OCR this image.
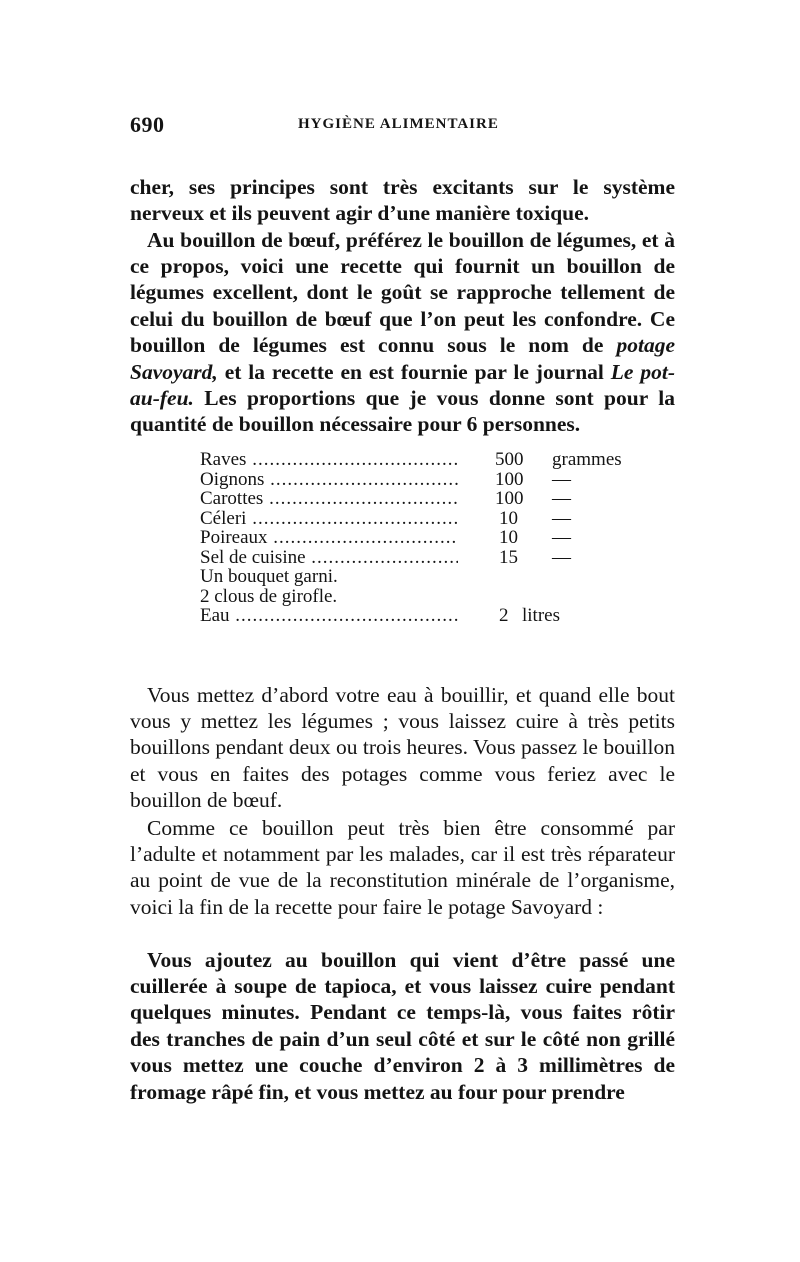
690	HYGIÈNE ALIMENTAIRE

cher, ses principes sont très excitants sur le système nerveux et ils peuvent agir d’une manière toxique.

Au bouillon de bœuf, préférez le bouillon de légumes, et à ce propos, voici une recette qui fournit un bouillon de légumes excellent, dont le goût se rapproche tellement de celui du bouillon de bœuf que l’on peut les confondre. Ce bouillon de légumes est connu sous le nom de potage Savoyard, et la recette en est fournie par le journal Le pot-au-feu. Les proportions que je vous donne sont pour la quantité de bouillon nécessaire pour 6 personnes.

Raves .....	500 grammes
Oignons .....	100 —
Carottes .....	100 —
Céleri .....	10 —
Poireaux .....	10 —
Sel de cuisine .....	15 —
Un bouquet garni.
2 clous de girofle.
Eau .....	2 litres

Vous mettez d’abord votre eau à bouillir, et quand elle bout vous y mettez les légumes ; vous laissez cuire à très petits bouillons pendant deux ou trois heures. Vous passez le bouillon et vous en faites des potages comme vous feriez avec le bouillon de bœuf.

Comme ce bouillon peut très bien être consommé par l’adulte et notamment par les malades, car il est très réparateur au point de vue de la reconstitution minérale de l’organisme, voici la fin de la recette pour faire le potage Savoyard :

Vous ajoutez au bouillon qui vient d’être passé une cuillerée à soupe de tapioca, et vous laissez cuire pendant quelques minutes. Pendant ce temps-là, vous faites rôtir des tranches de pain d’un seul côté et sur le côté non grillé vous mettez une couche d’environ 2 à 3 millimètres de fromage râpé fin, et vous mettez au four pour prendre
